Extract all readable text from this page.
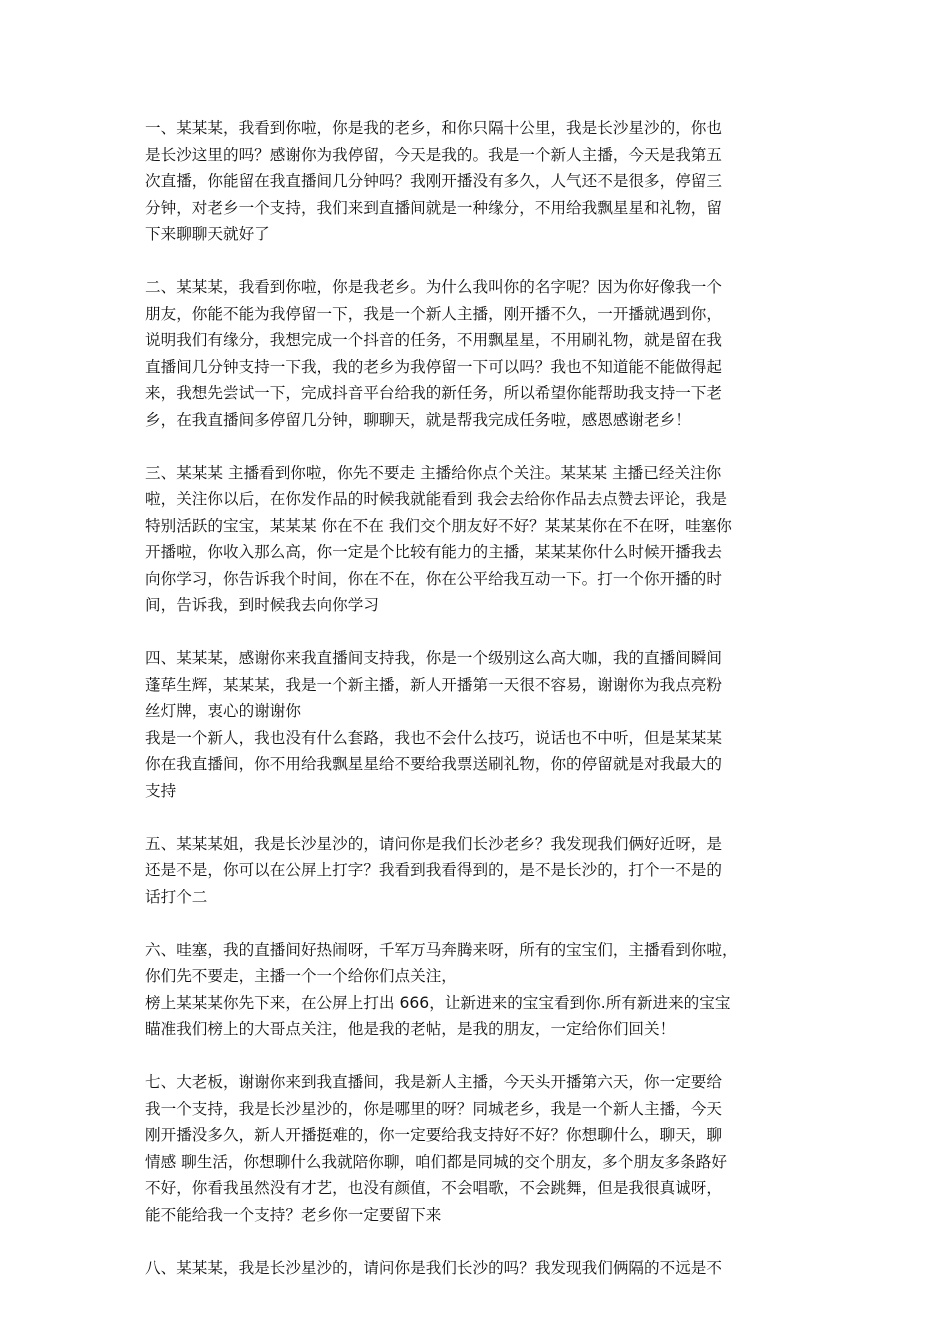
一、某某某，我看到你啦，你是我的老乡，和你只隔十公里，我是长沙星沙的，你也
是长沙这里的吗？感谢你为我停留，今天是我的。我是一个新人主播，今天是我第五
次直播，你能留在我直播间几分钟吗？我刚开播没有多久，人气还不是很多，停留三
分钟，对老乡一个支持，我们来到直播间就是一种缘分，不用给我飘星星和礼物，留
下来聊聊天就好了
二、某某某，我看到你啦，你是我老乡。为什么我叫你的名字呢？因为你好像我一个
朋友，你能不能为我停留一下，我是一个新人主播，刚开播不久，一开播就遇到你，
说明我们有缘分，我想完成一个抖音的任务，不用飘星星，不用刷礼物，就是留在我
直播间几分钟支持一下我，我的老乡为我停留一下可以吗？我也不知道能不能做得起
来，我想先尝试一下，完成抖音平台给我的新任务，所以希望你能帮助我支持一下老
乡，在我直播间多停留几分钟，聊聊天，就是帮我完成任务啦，感恩感谢老乡！
三、某某某 主播看到你啦，你先不要走 主播给你点个关注。某某某 主播已经关注你
啦，关注你以后，在你发作品的时候我就能看到 我会去给你作品去点赞去评论，我是
特别活跃的宝宝，某某某 你在不在 我们交个朋友好不好？某某某你在不在呀，哇塞你
开播啦，你收入那么高，你一定是个比较有能力的主播，某某某你什么时候开播我去
向你学习，你告诉我个时间，你在不在，你在公平给我互动一下。打一个你开播的时
间，告诉我，到时候我去向你学习
四、某某某，感谢你来我直播间支持我，你是一个级别这么高大咖，我的直播间瞬间
蓬荜生辉，某某某，我是一个新主播，新人开播第一天很不容易，谢谢你为我点亮粉
丝灯牌，衷心的谢谢你
我是一个新人，我也没有什么套路，我也不会什么技巧，说话也不中听，但是某某某
你在我直播间，你不用给我飘星星给不要给我票送刷礼物，你的停留就是对我最大的
支持
五、某某某姐，我是长沙星沙的，请问你是我们长沙老乡？我发现我们俩好近呀，是
还是不是，你可以在公屏上打字？我看到我看得到的，是不是长沙的，打个一不是的
话打个二
六、哇塞，我的直播间好热闹呀，千军万马奔腾来呀，所有的宝宝们，主播看到你啦，
你们先不要走，主播一个一个给你们点关注，
榜上某某某你先下来，在公屏上打出 666，让新进来的宝宝看到你.所有新进来的宝宝
瞄准我们榜上的大哥点关注，他是我的老帖，是我的朋友，一定给你们回关！
七、大老板，谢谢你来到我直播间，我是新人主播，今天头开播第六天，你一定要给
我一个支持，我是长沙星沙的，你是哪里的呀？同城老乡，我是一个新人主播，今天
刚开播没多久，新人开播挺难的，你一定要给我支持好不好？你想聊什么，聊天，聊
情感 聊生活，你想聊什么我就陪你聊，咱们都是同城的交个朋友，多个朋友多条路好
不好，你看我虽然没有才艺，也没有颜值，不会唱歌，不会跳舞，但是我很真诚呀，
能不能给我一个支持？老乡你一定要留下来
八、某某某，我是长沙星沙的，请问你是我们长沙的吗？我发现我们俩隔的不远是不
